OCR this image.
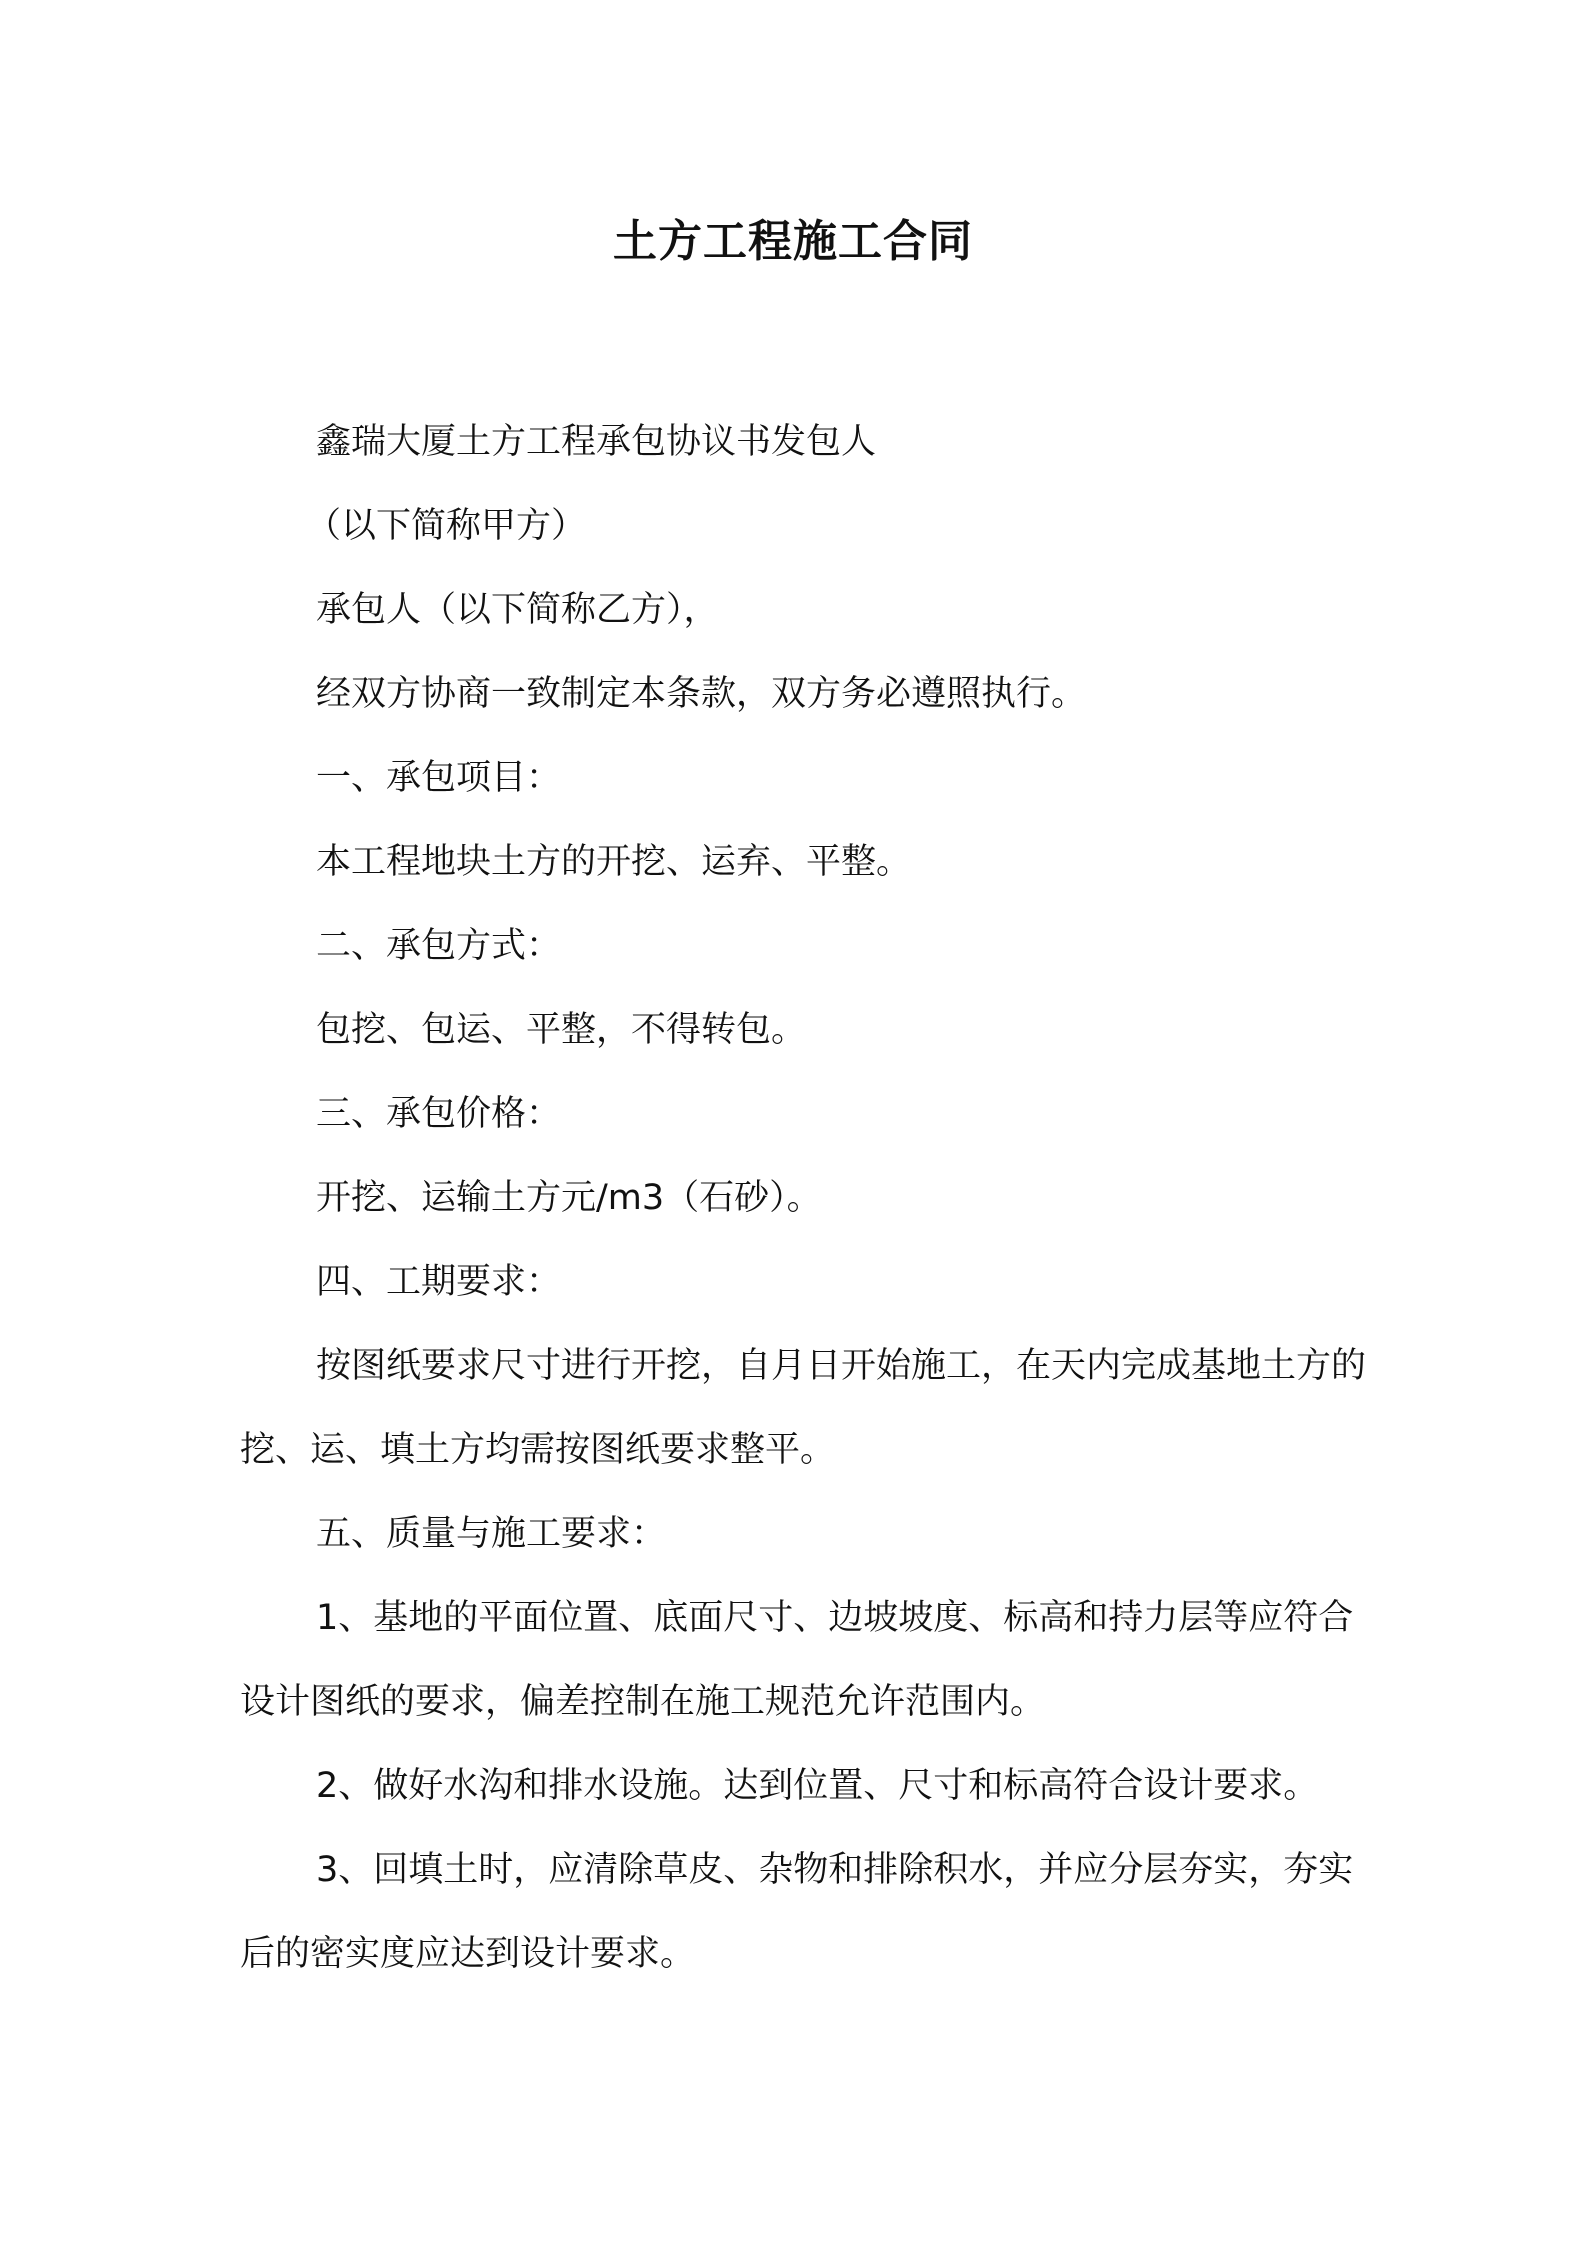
土方工程施工合同

鑫瑞大厦土方工程承包协议书发包人

（以下简称甲方）

承包人（以下简称乙方），

经双方协商一致制定本条款，双方务必遵照执行。

一、承包项目：

本工程地块土方的开挖、运弃、平整。

二、承包方式：

包挖、包运、平整，不得转包。

三、承包价格：

开挖、运输土方元/m3（石砂）。

四、工期要求：

按图纸要求尺寸进行开挖，自月日开始施工，在天内完成基地土方的挖、运、填土方均需按图纸要求整平。

五、质量与施工要求：

1、基地的平面位置、底面尺寸、边坡坡度、标高和持力层等应符合设计图纸的要求，偏差控制在施工规范允许范围内。

2、做好水沟和排水设施。达到位置、尺寸和标高符合设计要求。

3、回填土时，应清除草皮、杂物和排除积水，并应分层夯实，夯实后的密实度应达到设计要求。
